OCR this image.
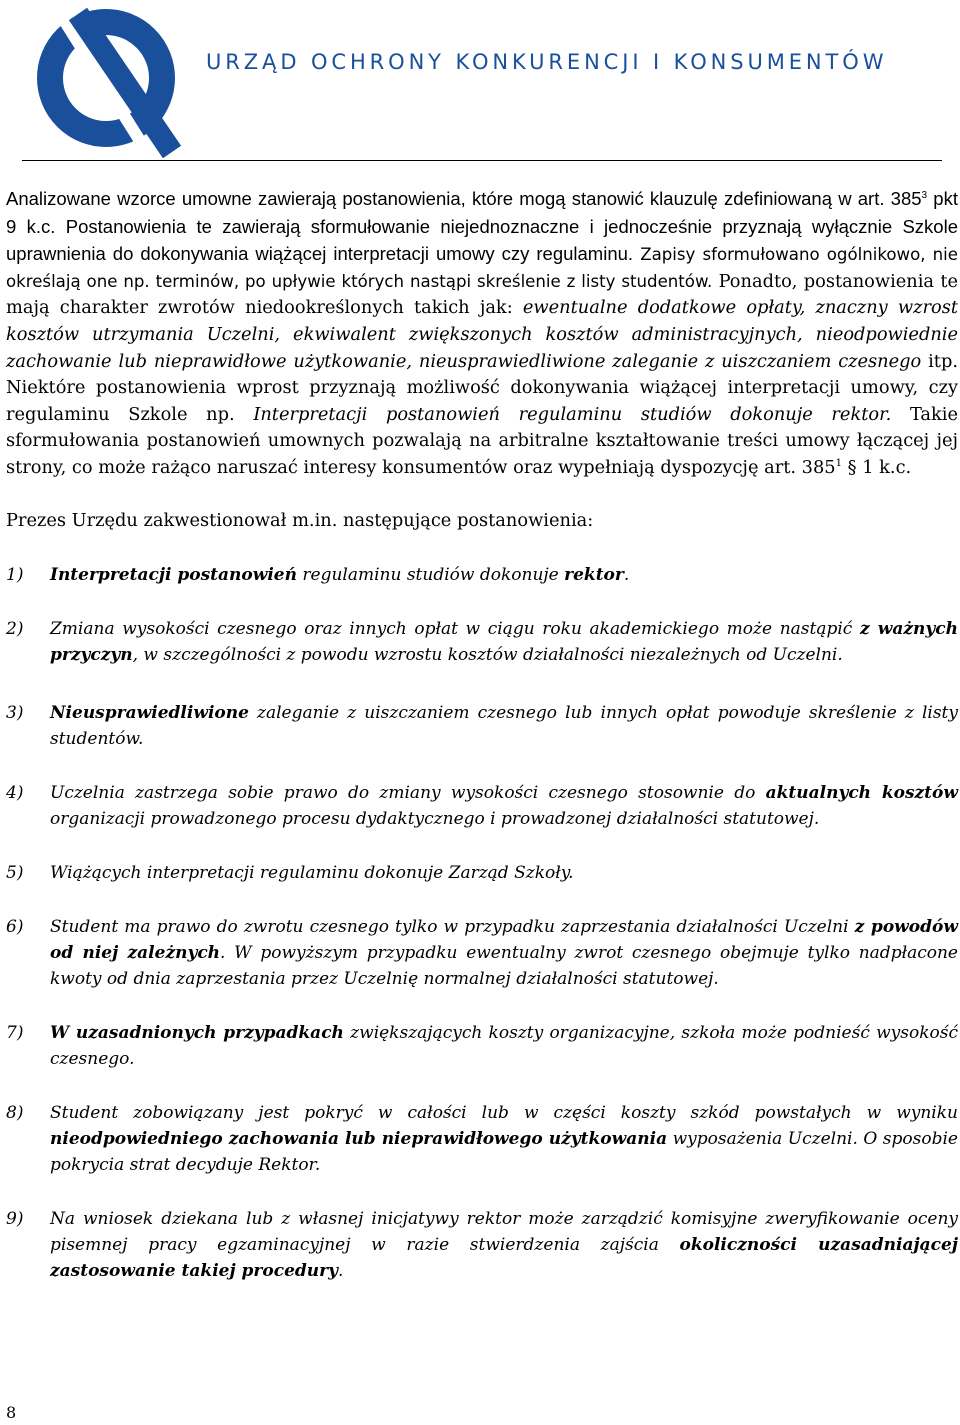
URZĄD OCHRONY KONKURENCJI I KONSUMENTÓW

Analizowane wzorce umowne zawierają postanowienia, które mogą stanowić klauzulę zdefiniowaną w art. $385^3$ pkt 9 k.c. Postanowienia te zawierają sformułowanie niejednoznaczne i jednocześnie przyznają wyłącznie Szkole uprawnienia do dokonywania wiążącej interpretacji umowy czy regulaminu. Zapisy sformułowano ogólnikowo, nie określają one np. terminów, po upływie których nastąpi skreślenie z listy studentów. Ponadto, postanowienia te mają charakter zwrotów niedookreślonych takich jak: ewentualne dodatkowe opłaty, znaczny wzrost kosztów utrzymania Uczelni, ekwiwalent zwiększonych kosztów administracyjnych, nieodpowiednie zachowanie lub nieprawidłowe użytkowanie, nieusprawiedliwione zaleganie z uiszczaniem czesnego itp. Niektóre postanowienia wprost przyznają możliwość dokonywania wiążącej interpretacji umowy, czy regulaminu Szkole np. Interpretacji postanowień regulaminu studiów dokonuje rektor. Takie sformułowania postanowień umownych pozwalają na arbitralne kształtowanie treści umowy łączącej jej strony, co może rażąco naruszać interesy konsumentów oraz wypełniają dyspozycję art. $385^1$ § 1 k.c.

Prezes Urzędu zakwestionował m.in. następujące postanowienia:

1)	Interpretacji postanowień regulaminu studiów dokonuje rektor.
2)	Zmiana wysokości czesnego oraz innych opłat w ciągu roku akademickiego może nastąpić z ważnych przyczyn, w szczególności z powodu wzrostu kosztów działalności niezależnych od Uczelni.
3)	Nieusprawiedliwione zaleganie z uiszczaniem czesnego lub innych opłat powoduje skreślenie z listy studentów.
4)	Uczelnia zastrzega sobie prawo do zmiany wysokości czesnego stosownie do aktualnych kosztów organizacji prowadzonego procesu dydaktycznego i prowadzonej działalności statutowej.
5)	Wiążących interpretacji regulaminu dokonuje Zarząd Szkoły.
6)	Student ma prawo do zwrotu czesnego tylko w przypadku zaprzestania działalności Uczelni z powodów od niej zależnych. W powyższym przypadku ewentualny zwrot czesnego obejmuje tylko nadpłacone kwoty od dnia zaprzestania przez Uczelnię normalnej działalności statutowej.
7)	W uzasadnionych przypadkach zwiększających koszty organizacyjne, szkoła może podnieść wysokość czesnego.
8)	Student zobowiązany jest pokryć w całości lub w części koszty szkód powstałych w wyniku nieodpowiedniego zachowania lub nieprawidłowego użytkowania wyposażenia Uczelni. O sposobie pokrycia strat decyduje Rektor.
9)	Na wniosek dziekana lub z własnej inicjatywy rektor może zarządzić komisyjne zweryfikowanie oceny pisemnej pracy egzaminacyjnej w razie stwierdzenia zajścia okoliczności uzasadniającej zastosowanie takiej procedury.
8
